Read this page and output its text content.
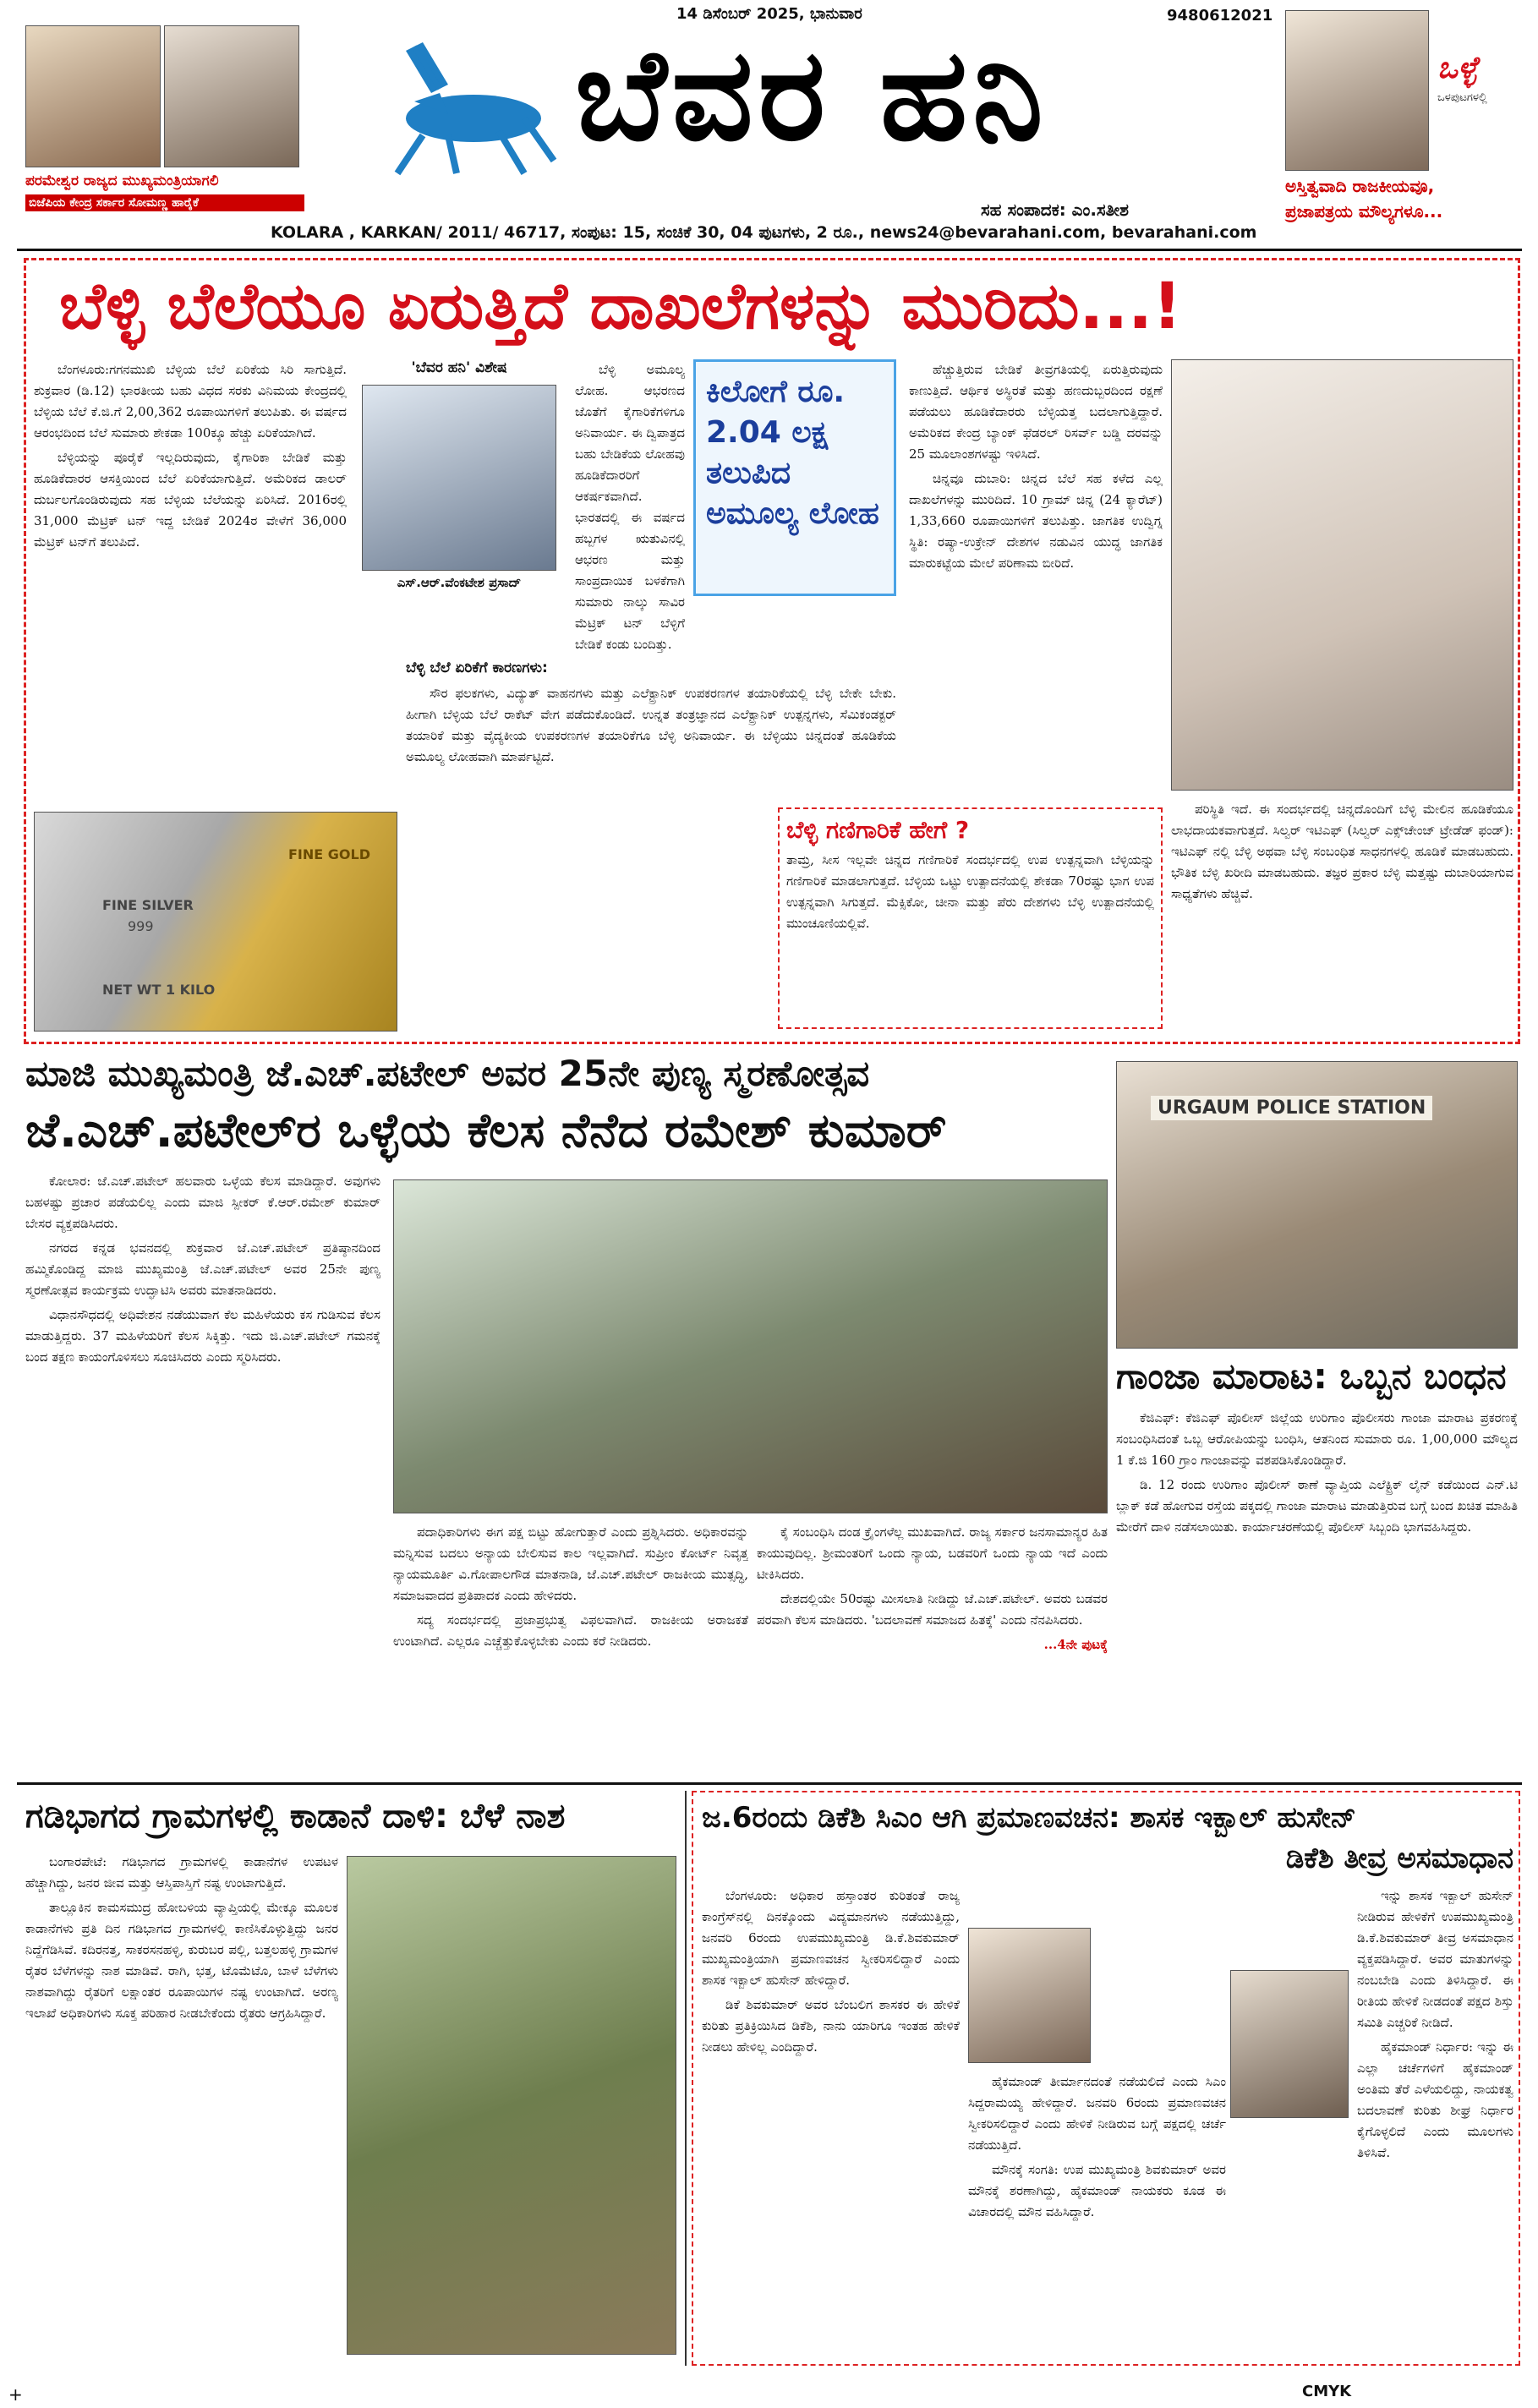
14 ಡಿಸೆಂಬರ್ 2025, ಭಾನುವಾರ	9480612021
ಪರಮೇಶ್ವರ ರಾಜ್ಯದ ಮುಖ್ಯಮಂತ್ರಿಯಾಗಲಿ
ಬಿಜೆಪಿಯ ಕೇಂದ್ರ ಸರ್ಕಾರ ಸೋಮಣ್ಣ ಹಾರೈಕೆ
ಬೆವರ ಹನಿ
ಸಹ ಸಂಪಾದಕ: ಎಂ.ಸತೀಶ
ಒಳ್ಳೆ
ಒಳಪುಟಗಳಲ್ಲಿ
ಅಸ್ತಿತ್ವವಾದಿ ರಾಜಕೀಯವೂ,
ಪ್ರಜಾಪತ್ರಯ ಮೌಲ್ಯಗಳೂ...
KOLARA , KARKAN/ 2011/ 46717, ಸಂಪುಟ: 15, ಸಂಚಿಕೆ 30, 04 ಪುಟಗಳು, 2 ರೂ., news24@bevarahani.com, bevarahani.com
ಬೆಳ್ಳಿ ಬೆಲೆಯೂ ಏರುತ್ತಿದೆ ದಾಖಲೆಗಳನ್ನು ಮುರಿದು...!

ಬೆಂಗಳೂರು:ಗಗನಮುಖಿ ಬೆಳ್ಳಿಯ ಬೆಲೆ ಏರಿಕೆಯ ಸಿರಿ ಸಾಗುತ್ತಿದೆ. ಶುಕ್ರವಾರ (ಡಿ.12) ಭಾರತೀಯ ಬಹು ವಿಧದ ಸರಕು ವಿನಿಮಯ ಕೇಂದ್ರದಲ್ಲಿ ಬೆಳ್ಳಿಯ ಬೆಲೆ ಕೆ.ಜಿ.ಗೆ 2,00,362 ರೂಪಾಯಿಗಳಿಗೆ ತಲುಪಿತು. ಈ ವರ್ಷದ ಆರಂಭದಿಂದ ಬೆಲೆ ಸುಮಾರು ಶೇಕಡಾ 100ಕ್ಕೂ ಹೆಚ್ಚು ಏರಿಕೆಯಾಗಿದೆ.

ಬೆಳ್ಳಿಯನ್ನು ಪೂರೈಕೆ ಇಲ್ಲದಿರುವುದು, ಕೈಗಾರಿಕಾ ಬೇಡಿಕೆ ಮತ್ತು ಹೂಡಿಕೆದಾರರ ಆಸಕ್ತಿಯಿಂದ ಬೆಲೆ ಏರಿಕೆಯಾಗುತ್ತಿದೆ. ಅಮೆರಿಕದ ಡಾಲರ್ ದುರ್ಬಲಗೊಂಡಿರುವುದು ಸಹ ಬೆಳ್ಳಿಯ ಬೆಲೆಯನ್ನು ಏರಿಸಿದೆ. 2016ರಲ್ಲಿ 31,000 ಮೆಟ್ರಿಕ್ ಟನ್ ಇದ್ದ ಬೇಡಿಕೆ 2024ರ ವೇಳೆಗೆ 36,000 ಮೆಟ್ರಿಕ್ ಟನ್‌ಗೆ ತಲುಪಿದೆ.

'ಬೆವರ ಹನಿ' ವಿಶೇಷ
ಎಸ್.ಆರ್.ವೆಂಕಟೇಶ ಪ್ರಸಾದ್

ಬೆಳ್ಳಿ ಅಮೂಲ್ಯ ಲೋಹ. ಆಭರಣದ ಜೊತೆಗೆ ಕೈಗಾರಿಕೆಗಳಿಗೂ ಅನಿವಾರ್ಯ. ಈ ದ್ವಿಪಾತ್ರದ ಬಹು ಬೇಡಿಕೆಯ ಲೋಹವು ಹೂಡಿಕೆದಾರರಿಗೆ ಆಕರ್ಷಕವಾಗಿದೆ. ಭಾರತದಲ್ಲಿ ಈ ವರ್ಷದ ಹಬ್ಬಗಳ ಋತುವಿನಲ್ಲಿ ಆಭರಣ ಮತ್ತು ಸಾಂಪ್ರದಾಯಿಕ ಬಳಕೆಗಾಗಿ ಸುಮಾರು ನಾಲ್ಕು ಸಾವಿರ ಮೆಟ್ರಿಕ್ ಟನ್ ಬೆಳ್ಳಿಗೆ ಬೇಡಿಕೆ ಕಂಡು ಬಂದಿತ್ತು.

ಕಿಲೋಗೆ ರೂ. 2.04 ಲಕ್ಷ ತಲುಪಿದ ಅಮೂಲ್ಯ ಲೋಹ

ಹೆಚ್ಚುತ್ತಿರುವ ಬೇಡಿಕೆ ತೀವ್ರಗತಿಯಲ್ಲಿ ಏರುತ್ತಿರುವುದು ಕಾಣುತ್ತಿದೆ. ಆರ್ಥಿಕ ಅಸ್ಥಿರತೆ ಮತ್ತು ಹಣದುಬ್ಬರದಿಂದ ರಕ್ಷಣೆ ಪಡೆಯಲು ಹೂಡಿಕೆದಾರರು ಬೆಳ್ಳಿಯತ್ತ ಬದಲಾಗುತ್ತಿದ್ದಾರೆ. ಅಮೆರಿಕದ ಕೇಂದ್ರ ಬ್ಯಾಂಕ್ ಫೆಡರಲ್ ರಿಸರ್ವ್ ಬಡ್ಡಿ ದರವನ್ನು 25 ಮೂಲಾಂಶಗಳಷ್ಟು ಇಳಿಸಿದೆ.

ಚಿನ್ನವೂ ದುಬಾರಿ: ಚಿನ್ನದ ಬೆಲೆ ಸಹ ಕಳೆದ ಎಲ್ಲ ದಾಖಲೆಗಳನ್ನು ಮುರಿದಿದೆ. 10 ಗ್ರಾಮ್ ಚಿನ್ನ (24 ಕ್ಯಾರೆಟ್) 1,33,660 ರೂಪಾಯಿಗಳಿಗೆ ತಲುಪಿತ್ತು. ಜಾಗತಿಕ ಉದ್ವಿಗ್ನ ಸ್ಥಿತಿ: ರಷ್ಯಾ-ಉಕ್ರೇನ್ ದೇಶಗಳ ನಡುವಿನ ಯುದ್ಧ ಜಾಗತಿಕ ಮಾರುಕಟ್ಟೆಯ ಮೇಲೆ ಪರಿಣಾಮ ಬೀರಿದೆ.

ಬೆಳ್ಳಿ ಬೆಲೆ ಏರಿಕೆಗೆ ಕಾರಣಗಳು:

ಸೌರ ಫಲಕಗಳು, ವಿದ್ಯುತ್ ವಾಹನಗಳು ಮತ್ತು ಎಲೆಕ್ಟ್ರಾನಿಕ್ ಉಪಕರಣಗಳ ತಯಾರಿಕೆಯಲ್ಲಿ ಬೆಳ್ಳಿ ಬೇಕೇ ಬೇಕು. ಹೀಗಾಗಿ ಬೆಳ್ಳಿಯ ಬೆಲೆ ರಾಕೆಟ್ ವೇಗ ಪಡೆದುಕೊಂಡಿದೆ. ಉನ್ನತ ತಂತ್ರಜ್ಞಾನದ ಎಲೆಕ್ಟ್ರಾನಿಕ್ ಉತ್ಪನ್ನಗಳು, ಸೆಮಿಕಂಡಕ್ಟರ್ ತಯಾರಿಕೆ ಮತ್ತು ವೈದ್ಯಕೀಯ ಉಪಕರಣಗಳ ತಯಾರಿಕೆಗೂ ಬೆಳ್ಳಿ ಅನಿವಾರ್ಯ. ಈ ಬೆಳ್ಳಿಯು ಚಿನ್ನದಂತೆ ಹೂಡಿಕೆಯ ಅಮೂಲ್ಯ ಲೋಹವಾಗಿ ಮಾರ್ಪಟ್ಟಿದೆ.

FINE SILVER
999
NET WT 1 KILO
FINE GOLD
ಬೆಳ್ಳಿ ಗಣಿಗಾರಿಕೆ ಹೇಗೆ ?
ತಾಮ್ರ, ಸೀಸ ಇಲ್ಲವೇ ಚಿನ್ನದ ಗಣಿಗಾರಿಕೆ ಸಂದರ್ಭದಲ್ಲಿ ಉಪ ಉತ್ಪನ್ನವಾಗಿ ಬೆಳ್ಳಿಯನ್ನು ಗಣಿಗಾರಿಕೆ ಮಾಡಲಾಗುತ್ತದೆ. ಬೆಳ್ಳಿಯ ಒಟ್ಟು ಉತ್ಪಾದನೆಯಲ್ಲಿ ಶೇಕಡಾ 70ರಷ್ಟು ಭಾಗ ಉಪ ಉತ್ಪನ್ನವಾಗಿ ಸಿಗುತ್ತದೆ. ಮೆಕ್ಸಿಕೋ, ಚೀನಾ ಮತ್ತು ಪೆರು ದೇಶಗಳು ಬೆಳ್ಳಿ ಉತ್ಪಾದನೆಯಲ್ಲಿ ಮುಂಚೂಣಿಯಲ್ಲಿವೆ.

ಪರಿಸ್ಥಿತಿ ಇದೆ. ಈ ಸಂದರ್ಭದಲ್ಲಿ ಚಿನ್ನದೊಂದಿಗೆ ಬೆಳ್ಳಿ ಮೇಲಿನ ಹೂಡಿಕೆಯೂ ಲಾಭದಾಯಕವಾಗುತ್ತದೆ. ಸಿಲ್ವರ್ ಇಟಿಎಫ್ (ಸಿಲ್ವರ್ ಎಕ್ಸ್‌ಚೇಂಜ್ ಟ್ರೇಡೆಡ್ ಫಂಡ್): ಇಟಿಎಫ್ ನಲ್ಲಿ ಬೆಳ್ಳಿ ಅಥವಾ ಬೆಳ್ಳಿ ಸಂಬಂಧಿತ ಸಾಧನಗಳಲ್ಲಿ ಹೂಡಿಕೆ ಮಾಡಬಹುದು. ಭೌತಿಕ ಬೆಳ್ಳಿ ಖರೀದಿ ಮಾಡಬಹುದು. ತಜ್ಞರ ಪ್ರಕಾರ ಬೆಳ್ಳಿ ಮತ್ತಷ್ಟು ದುಬಾರಿಯಾಗುವ ಸಾಧ್ಯತೆಗಳು ಹೆಚ್ಚಿವೆ.

ಮಾಜಿ ಮುಖ್ಯಮಂತ್ರಿ ಜೆ.ಎಚ್.ಪಟೇಲ್ ಅವರ 25ನೇ ಪುಣ್ಯ ಸ್ಮರಣೋತ್ಸವ
ಜೆ.ಎಚ್.ಪಟೇಲ್‌ರ ಒಳ್ಳೆಯ ಕೆಲಸ ನೆನೆದ ರಮೇಶ್ ಕುಮಾರ್

ಕೋಲಾರ: ಜೆ.ಎಚ್.ಪಟೇಲ್ ಹಲವಾರು ಒಳ್ಳೆಯ ಕೆಲಸ ಮಾಡಿದ್ದಾರೆ. ಅವುಗಳು ಬಹಳಷ್ಟು ಪ್ರಚಾರ ಪಡೆಯಲಿಲ್ಲ ಎಂದು ಮಾಜಿ ಸ್ಪೀಕರ್ ಕೆ.ಆರ್.ರಮೇಶ್ ಕುಮಾರ್ ಬೇಸರ ವ್ಯಕ್ತಪಡಿಸಿದರು.

ನಗರದ ಕನ್ನಡ ಭವನದಲ್ಲಿ ಶುಕ್ರವಾರ ಜೆ.ಎಚ್.ಪಟೇಲ್ ಪ್ರತಿಷ್ಠಾನದಿಂದ ಹಮ್ಮಿಕೊಂಡಿದ್ದ ಮಾಜಿ ಮುಖ್ಯಮಂತ್ರಿ ಜೆ.ಎಚ್.ಪಟೇಲ್ ಅವರ 25ನೇ ಪುಣ್ಯ ಸ್ಮರಣೋತ್ಸವ ಕಾರ್ಯಕ್ರಮ ಉದ್ಘಾಟಿಸಿ ಅವರು ಮಾತನಾಡಿದರು.

ವಿಧಾನಸೌಧದಲ್ಲಿ ಅಧಿವೇಶನ ನಡೆಯುವಾಗ ಕೆಲ ಮಹಿಳೆಯರು ಕಸ ಗುಡಿಸುವ ಕೆಲಸ ಮಾಡುತ್ತಿದ್ದರು. 37 ಮಹಿಳೆಯರಿಗೆ ಕೆಲಸ ಸಿಕ್ಕಿತ್ತು. ಇದು ಜಿ.ಎಚ್.ಪಟೇಲ್ ಗಮನಕ್ಕೆ ಬಂದ ತಕ್ಷಣ ಕಾಯಂಗೊಳಿಸಲು ಸೂಚಿಸಿದರು ಎಂದು ಸ್ಮರಿಸಿದರು.

ಪದಾಧಿಕಾರಿಗಳು ಈಗ ಪಕ್ಷ ಬಿಟ್ಟು ಹೋಗುತ್ತಾರೆ ಎಂದು ಪ್ರಶ್ನಿಸಿದರು. ಅಧಿಕಾರವನ್ನು ಮನ್ನಿಸುವ ಬದಲು ಅನ್ಯಾಯ ಬೇಲಿಸುವ ಕಾಲ ಇಲ್ಲವಾಗಿದೆ. ಸುಪ್ರೀಂ ಕೋರ್ಟ್ ನಿವೃತ್ತ ನ್ಯಾಯಮೂರ್ತಿ ವಿ.ಗೋಪಾಲಗೌಡ ಮಾತನಾಡಿ, ಜೆ.ಎಚ್.ಪಟೇಲ್ ರಾಜಕೀಯ ಮುತ್ಸದ್ಧಿ, ಸಮಾಜವಾದದ ಪ್ರತಿಪಾದಕ ಎಂದು ಹೇಳಿದರು.

ಸದ್ಯ ಸಂದರ್ಭದಲ್ಲಿ ಪ್ರಜಾಪ್ರಭುತ್ವ ವಿಫಲವಾಗಿದೆ. ರಾಜಕೀಯ ಅರಾಜಕತೆ ಉಂಟಾಗಿದೆ. ಎಲ್ಲರೂ ಎಚ್ಚೆತ್ತುಕೊಳ್ಳಬೇಕು ಎಂದು ಕರೆ ನೀಡಿದರು.

ಕೈ ಸಂಬಂಧಿಸಿ ದಂಡ ಕ್ರೈಂಗಳೆಲ್ಲ ಮುಖವಾಗಿದೆ. ರಾಜ್ಯ ಸರ್ಕಾರ ಜನಸಾಮಾನ್ಯರ ಹಿತ ಕಾಯುವುದಿಲ್ಲ. ಶ್ರೀಮಂತರಿಗೆ ಒಂದು ನ್ಯಾಯ, ಬಡವರಿಗೆ ಒಂದು ನ್ಯಾಯ ಇದೆ ಎಂದು ಟೀಕಿಸಿದರು.

ದೇಶದಲ್ಲಿಯೇ 50ರಷ್ಟು ಮೀಸಲಾತಿ ನೀಡಿದ್ದು ಜೆ.ಎಚ್.ಪಟೇಲ್. ಅವರು ಬಡವರ ಪರವಾಗಿ ಕೆಲಸ ಮಾಡಿದರು. 'ಬದಲಾವಣೆ ಸಮಾಜದ ಹಿತಕ್ಕೆ' ಎಂದು ನೆನಪಿಸಿದರು.

...4ನೇ ಪುಟಕ್ಕೆ

URGAUM POLICE STATION
ಗಾಂಜಾ ಮಾರಾಟ: ಒಬ್ಬನ ಬಂಧನ

ಕೆಜಿಎಫ್: ಕೆಜಿಎಫ್ ಪೊಲೀಸ್ ಜಿಲ್ಲೆಯ ಉರಿಗಾಂ ಪೊಲೀಸರು ಗಾಂಜಾ ಮಾರಾಟ ಪ್ರಕರಣಕ್ಕೆ ಸಂಬಂಧಿಸಿದಂತೆ ಒಬ್ಬ ಆರೋಪಿಯನ್ನು ಬಂಧಿಸಿ, ಆತನಿಂದ ಸುಮಾರು ರೂ. 1,00,000 ಮೌಲ್ಯದ 1 ಕೆ.ಜಿ 160 ಗ್ರಾಂ ಗಾಂಜಾವನ್ನು ವಶಪಡಿಸಿಕೊಂಡಿದ್ದಾರೆ.

ಡಿ. 12 ರಂದು ಉರಿಗಾಂ ಪೊಲೀಸ್ ಠಾಣೆ ವ್ಯಾಪ್ತಿಯ ಎಲೆಕ್ಟ್ರಿಕ್ ಲೈನ್ ಕಡೆಯಿಂದ ಎನ್.ಟಿ ಬ್ಲಾಕ್ ಕಡೆ ಹೋಗುವ ರಸ್ತೆಯ ಪಕ್ಕದಲ್ಲಿ ಗಾಂಜಾ ಮಾರಾಟ ಮಾಡುತ್ತಿರುವ ಬಗ್ಗೆ ಬಂದ ಖಚಿತ ಮಾಹಿತಿ ಮೇರೆಗೆ ದಾಳಿ ನಡೆಸಲಾಯಿತು. ಕಾರ್ಯಾಚರಣೆಯಲ್ಲಿ ಪೊಲೀಸ್ ಸಿಬ್ಬಂದಿ ಭಾಗವಹಿಸಿದ್ದರು.

ಗಡಿಭಾಗದ ಗ್ರಾಮಗಳಲ್ಲಿ ಕಾಡಾನೆ ದಾಳಿ: ಬೆಳೆ ನಾಶ

ಬಂಗಾರಪೇಟೆ: ಗಡಿಭಾಗದ ಗ್ರಾಮಗಳಲ್ಲಿ ಕಾಡಾನೆಗಳ ಉಪಟಳ ಹೆಚ್ಚಾಗಿದ್ದು, ಜನರ ಜೀವ ಮತ್ತು ಆಸ್ತಿಪಾಸ್ತಿಗೆ ನಷ್ಟ ಉಂಟಾಗುತ್ತಿದೆ.

ತಾಲ್ಲೂಕಿನ ಕಾಮಸಮುದ್ರ ಹೋಬಳಿಯ ವ್ಯಾಪ್ತಿಯಲ್ಲಿ ಮೇಕ್ಕೂ ಮೂಲಕ ಕಾಡಾನೆಗಳು ಪ್ರತಿ ದಿನ ಗಡಿಭಾಗದ ಗ್ರಾಮಗಳಲ್ಲಿ ಕಾಣಿಸಿಕೊಳ್ಳುತ್ತಿದ್ದು ಜನರ ನಿದ್ದೆಗೆಡಿಸಿವೆ. ಕದಿರನತ್ತ, ಸಾಕರಸನಹಳ್ಳಿ, ಕುರುಬರ ಪಲ್ಲಿ, ಬತ್ತಲಹಳ್ಳಿ ಗ್ರಾಮಗಳ ರೈತರ ಬೆಳೆಗಳನ್ನು ನಾಶ ಮಾಡಿವೆ. ರಾಗಿ, ಭತ್ತ, ಟೊಮೆಟೊ, ಬಾಳೆ ಬೆಳೆಗಳು ನಾಶವಾಗಿದ್ದು ರೈತರಿಗೆ ಲಕ್ಷಾಂತರ ರೂಪಾಯಿಗಳ ನಷ್ಟ ಉಂಟಾಗಿದೆ. ಅರಣ್ಯ ಇಲಾಖೆ ಅಧಿಕಾರಿಗಳು ಸೂಕ್ತ ಪರಿಹಾರ ನೀಡಬೇಕೆಂದು ರೈತರು ಆಗ್ರಹಿಸಿದ್ದಾರೆ.

ಜ.6ರಂದು ಡಿಕೆಶಿ ಸಿಎಂ ಆಗಿ ಪ್ರಮಾಣವಚನ: ಶಾಸಕ ಇಕ್ಬಾಲ್ ಹುಸೇನ್
ಡಿಕೆಶಿ ತೀವ್ರ ಅಸಮಾಧಾನ

ಬೆಂಗಳೂರು: ಅಧಿಕಾರ ಹಸ್ತಾಂತರ ಕುರಿತಂತೆ ರಾಜ್ಯ ಕಾಂಗ್ರೆಸ್‌ನಲ್ಲಿ ದಿನಕ್ಕೊಂದು ವಿದ್ಯಮಾನಗಳು ನಡೆಯುತ್ತಿದ್ದು, ಜನವರಿ 6ರಂದು ಉಪಮುಖ್ಯಮಂತ್ರಿ ಡಿ.ಕೆ.ಶಿವಕುಮಾರ್ ಮುಖ್ಯಮಂತ್ರಿಯಾಗಿ ಪ್ರಮಾಣವಚನ ಸ್ವೀಕರಿಸಲಿದ್ದಾರೆ ಎಂದು ಶಾಸಕ ಇಕ್ಬಾಲ್ ಹುಸೇನ್ ಹೇಳಿದ್ದಾರೆ.

ಡಿಕೆ ಶಿವಕುಮಾರ್ ಅವರ ಬೆಂಬಲಿಗ ಶಾಸಕರ ಈ ಹೇಳಿಕೆ ಕುರಿತು ಪ್ರತಿಕ್ರಿಯಿಸಿದ ಡಿಕೆಶಿ, ನಾನು ಯಾರಿಗೂ ಇಂತಹ ಹೇಳಿಕೆ ನೀಡಲು ಹೇಳಿಲ್ಲ ಎಂದಿದ್ದಾರೆ.

ಹೈಕಮಾಂಡ್ ತೀರ್ಮಾನದಂತೆ ನಡೆಯಲಿದೆ ಎಂದು ಸಿಎಂ ಸಿದ್ದರಾಮಯ್ಯ ಹೇಳಿದ್ದಾರೆ. ಜನವರಿ 6ರಂದು ಪ್ರಮಾಣವಚನ ಸ್ವೀಕರಿಸಲಿದ್ದಾರೆ ಎಂದು ಹೇಳಿಕೆ ನೀಡಿರುವ ಬಗ್ಗೆ ಪಕ್ಷದಲ್ಲಿ ಚರ್ಚೆ ನಡೆಯುತ್ತಿದೆ.

ಮೌನಕ್ಕೆ ಸಂಗತಿ: ಉಪ ಮುಖ್ಯಮಂತ್ರಿ ಶಿವಕುಮಾರ್ ಅವರ ಮೌನಕ್ಕೆ ಶರಣಾಗಿದ್ದು, ಹೈಕಮಾಂಡ್ ನಾಯಕರು ಕೂಡ ಈ ವಿಚಾರದಲ್ಲಿ ಮೌನ ವಹಿಸಿದ್ದಾರೆ.

ಇನ್ನು ಶಾಸಕ ಇಕ್ಬಾಲ್ ಹುಸೇನ್ ನೀಡಿರುವ ಹೇಳಿಕೆಗೆ ಉಪಮುಖ್ಯಮಂತ್ರಿ ಡಿ.ಕೆ.ಶಿವಕುಮಾರ್ ತೀವ್ರ ಅಸಮಾಧಾನ ವ್ಯಕ್ತಪಡಿಸಿದ್ದಾರೆ. ಅವರ ಮಾತುಗಳನ್ನು ನಂಬಬೇಡಿ ಎಂದು ತಿಳಿಸಿದ್ದಾರೆ. ಈ ರೀತಿಯ ಹೇಳಿಕೆ ನೀಡದಂತೆ ಪಕ್ಷದ ಶಿಸ್ತು ಸಮಿತಿ ಎಚ್ಚರಿಕೆ ನೀಡಿದೆ.

ಹೈಕಮಾಂಡ್ ನಿರ್ಧಾರ: ಇನ್ನು ಈ ಎಲ್ಲಾ ಚರ್ಚೆಗಳಿಗೆ ಹೈಕಮಾಂಡ್ ಅಂತಿಮ ತೆರೆ ಎಳೆಯಲಿದ್ದು, ನಾಯಕತ್ವ ಬದಲಾವಣೆ ಕುರಿತು ಶೀಘ್ರ ನಿರ್ಧಾರ ಕೈಗೊಳ್ಳಲಿದೆ ಎಂದು ಮೂಲಗಳು ತಿಳಿಸಿವೆ.

CMYK
+
